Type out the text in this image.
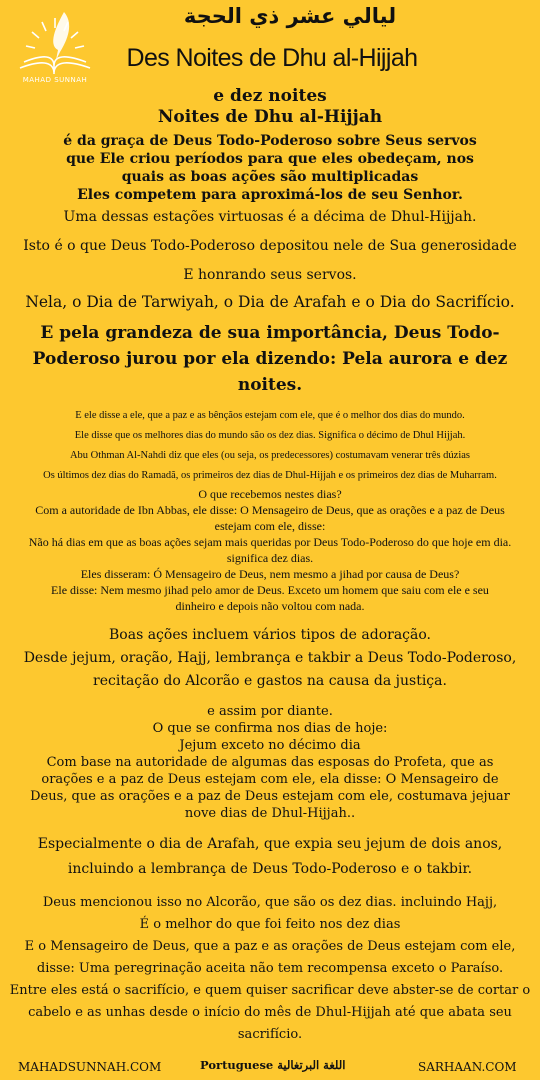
MAHAD SUNNAH
ليالي عشر ذي الحجة
Des Noites de Dhu al-Hijjah

e dez noites

Noites de Dhu al-Hijjah

é da graça de Deus Todo-Poderoso sobre Seus servos que Ele criou períodos para que eles obedeçam, nos quais as boas ações são multiplicadas

Eles competem para aproximá-los de seu Senhor.

Uma dessas estações virtuosas é a décima de Dhul-Hijjah.

Isto é o que Deus Todo-Poderoso depositou nele de Sua generosidade

E honrando seus servos.

Nela, o Dia de Tarwiyah, o Dia de Arafah e o Dia do Sacrifício.

E pela grandeza de sua importância, Deus Todo-Poderoso jurou por ela dizendo: Pela aurora e dez noites.

E ele disse a ele, que a paz e as bênçãos estejam com ele, que é o melhor dos dias do mundo.

Ele disse que os melhores dias do mundo são os dez dias. Significa o décimo de Dhul Hijjah.

Abu Othman Al-Nahdi diz que eles (ou seja, os predecessores) costumavam venerar três dúzias

Os últimos dez dias do Ramadã, os primeiros dez dias de Dhul-Hijjah e os primeiros dez dias de Muharram.

O que recebemos nestes dias?

Com a autoridade de Ibn Abbas, ele disse: O Mensageiro de Deus, que as orações e a paz de Deus estejam com ele, disse:

Não há dias em que as boas ações sejam mais queridas por Deus Todo-Poderoso do que hoje em dia. significa dez dias.

Eles disseram: Ó Mensageiro de Deus, nem mesmo a jihad por causa de Deus?

Ele disse: Nem mesmo jihad pelo amor de Deus. Exceto um homem que saiu com ele e seu dinheiro e depois não voltou com nada.

Boas ações incluem vários tipos de adoração.

Desde jejum, oração, Hajj, lembrança e takbir a Deus Todo-Poderoso,

recitação do Alcorão e gastos na causa da justiça.

e assim por diante.

O que se confirma nos dias de hoje:

Jejum exceto no décimo dia

Com base na autoridade de algumas das esposas do Profeta, que as orações e a paz de Deus estejam com ele, ela disse: O Mensageiro de Deus, que as orações e a paz de Deus estejam com ele, costumava jejuar nove dias de Dhul-Hijjah..

Especialmente o dia de Arafah, que expia seu jejum de dois anos,

incluindo a lembrança de Deus Todo-Poderoso e o takbir.

Deus mencionou isso no Alcorão, que são os dez dias. incluindo Hajj,

É o melhor do que foi feito nos dez dias

E o Mensageiro de Deus, que a paz e as orações de Deus estejam com ele, disse: Uma peregrinação aceita não tem recompensa exceto o Paraíso.

Entre eles está o sacrifício, e quem quiser sacrificar deve abster-se de cortar o cabelo e as unhas desde o início do mês de Dhul-Hijjah até que abata seu sacrifício.

MAHADSUNNAH.COM	Portuguese اللغة البرتغالية	SARHAAN.COM
